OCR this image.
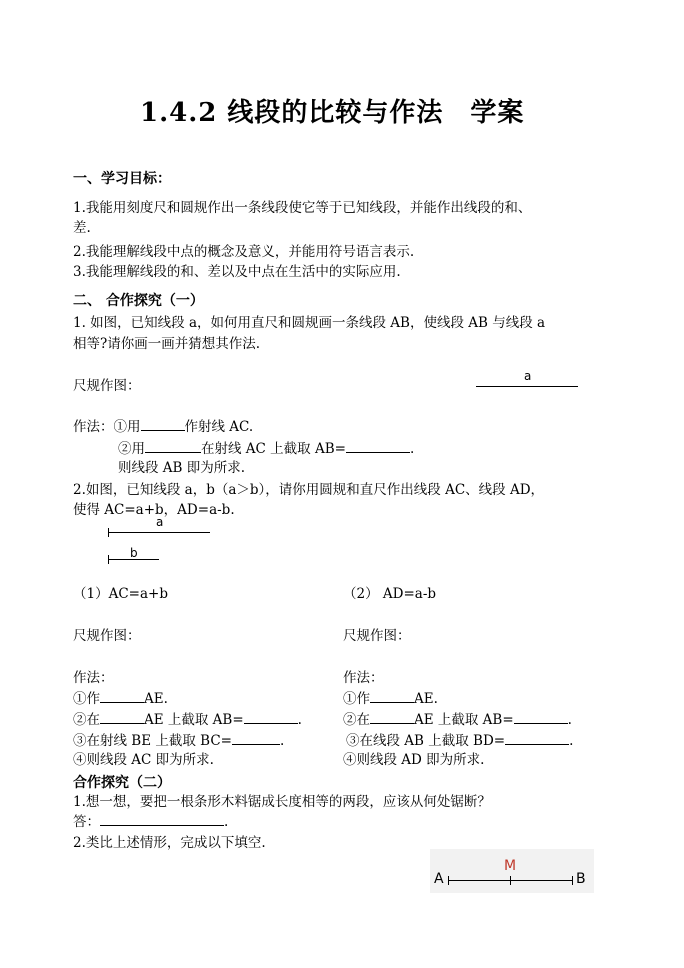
1.4.2 线段的比较与作法　学案
一、学习目标：
1.我能用刻度尺和圆规作出一条线段使它等于已知线段，并能作出线段的和、
差.
2.我能理解线段中点的概念及意义，并能用符号语言表示.
3.我能理解线段的和、差以及中点在生活中的实际应用.
二、 合作探究（一）
1. 如图，已知线段 a，如何用直尺和圆规画一条线段 AB，使线段 AB 与线段 a
相等?请你画一画并猜想其作法.
尺规作图：
a
作法：①用	作射线 AC.
②用	在射线 AC 上截取 AB=	.
则线段 AB 即为所求.
2.如图，已知线段 a，b（a＞b），请你用圆规和直尺作出线段 AC、线段 AD，
使得 AC=a+b，AD=a-b.
a
b
（1）AC=a+b
尺规作图：
作法：
①作	AE.
②在	AE 上截取 AB=	.
③在射线 BE 上截取 BC=	.
④则线段 AC 即为所求.
（2） AD=a-b
尺规作图：
作法：
①作	AE.
②在	AE 上截取 AB=	.
③在线段 AB 上截取 BD=	.
④则线段 AD 即为所求.
合作探究（二）
1.想一想，要把一根条形木料锯成长度相等的两段，应该从何处锯断？
答：	.
2.类比上述情形，完成以下填空.
A
M
B
